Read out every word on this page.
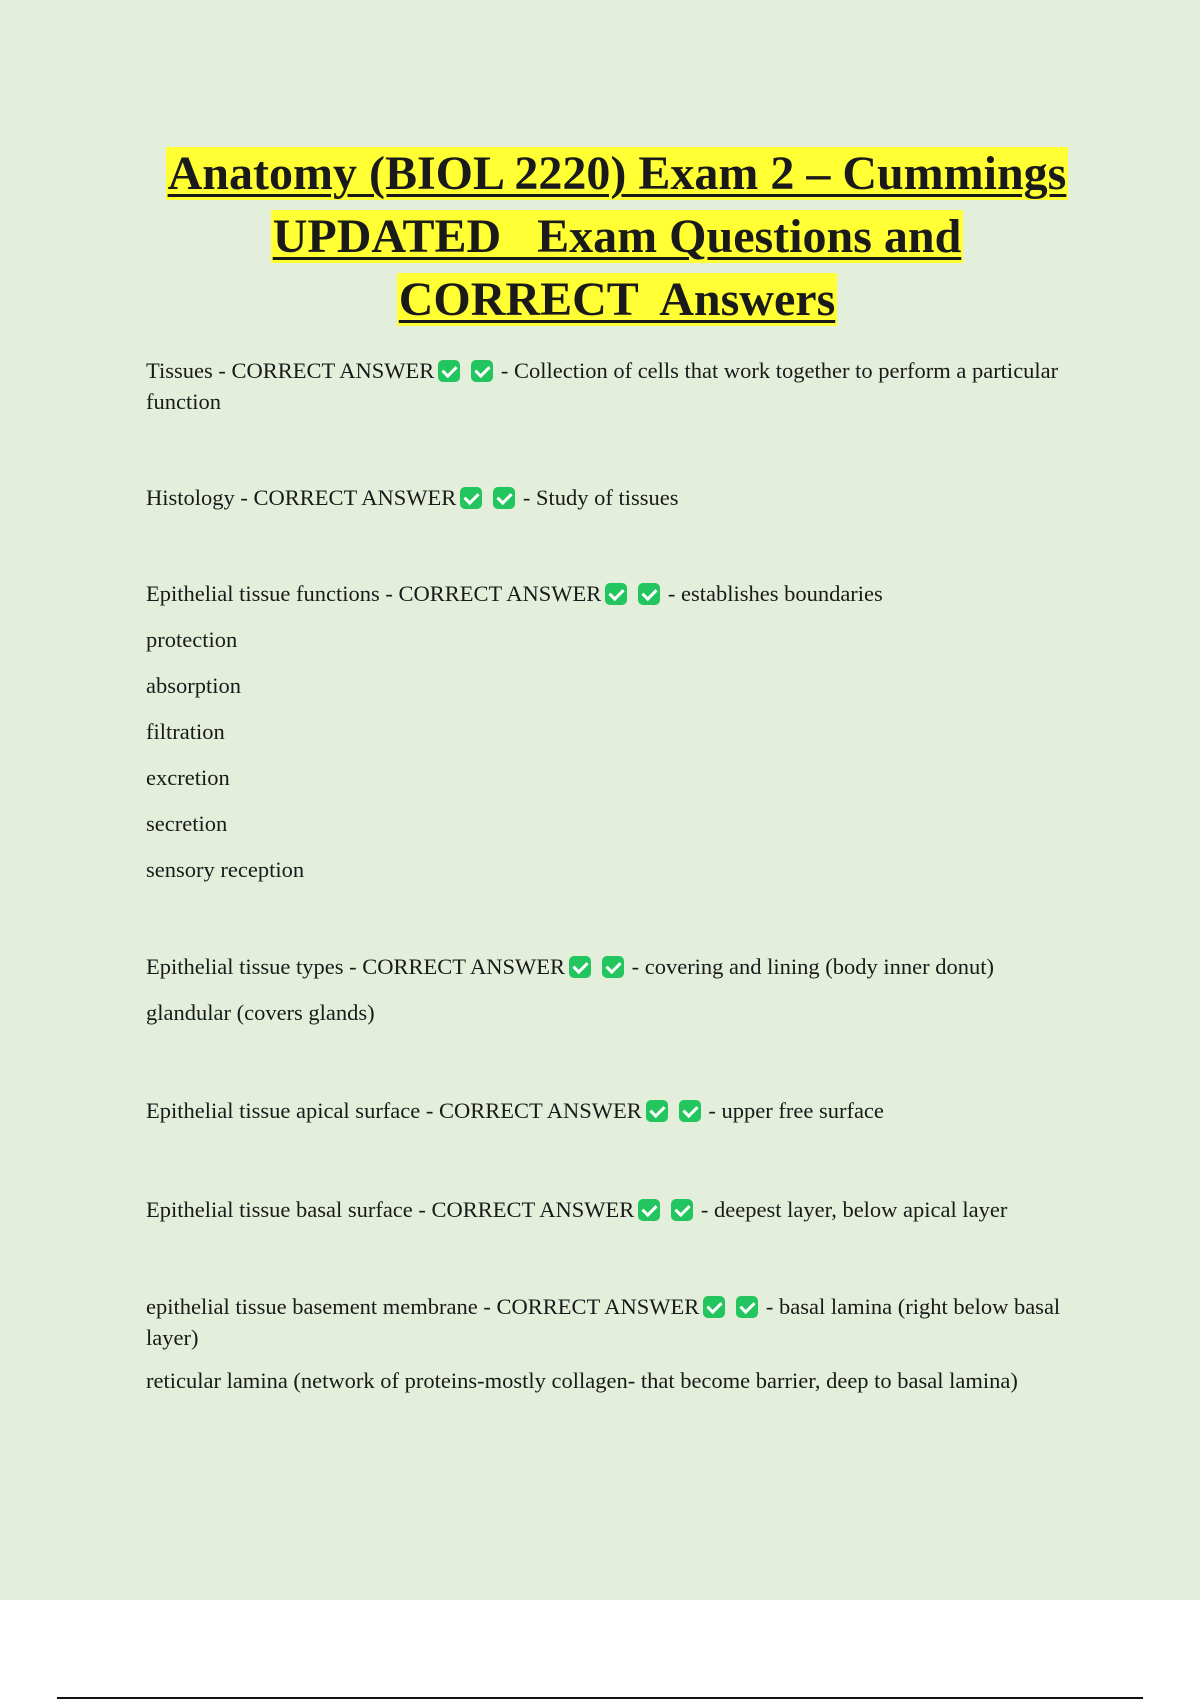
Anatomy (BIOL 2220) Exam 2 – Cummings
UPDATED   Exam Questions and
CORRECT  Answers

Tissues - CORRECT ANSWER	- Collection of cells that work together to perform a particular function

Histology - CORRECT ANSWER	- Study of tissues

Epithelial tissue functions - CORRECT ANSWER	- establishes boundaries

protection

absorption

filtration

excretion

secretion

sensory reception

Epithelial tissue types - CORRECT ANSWER	- covering and lining (body inner donut)

glandular (covers glands)

Epithelial tissue apical surface - CORRECT ANSWER	- upper free surface

Epithelial tissue basal surface - CORRECT ANSWER	- deepest layer, below apical layer

epithelial tissue basement membrane - CORRECT ANSWER	- basal lamina (right below basal layer)

reticular lamina (network of proteins-mostly collagen- that become barrier, deep to basal lamina)
